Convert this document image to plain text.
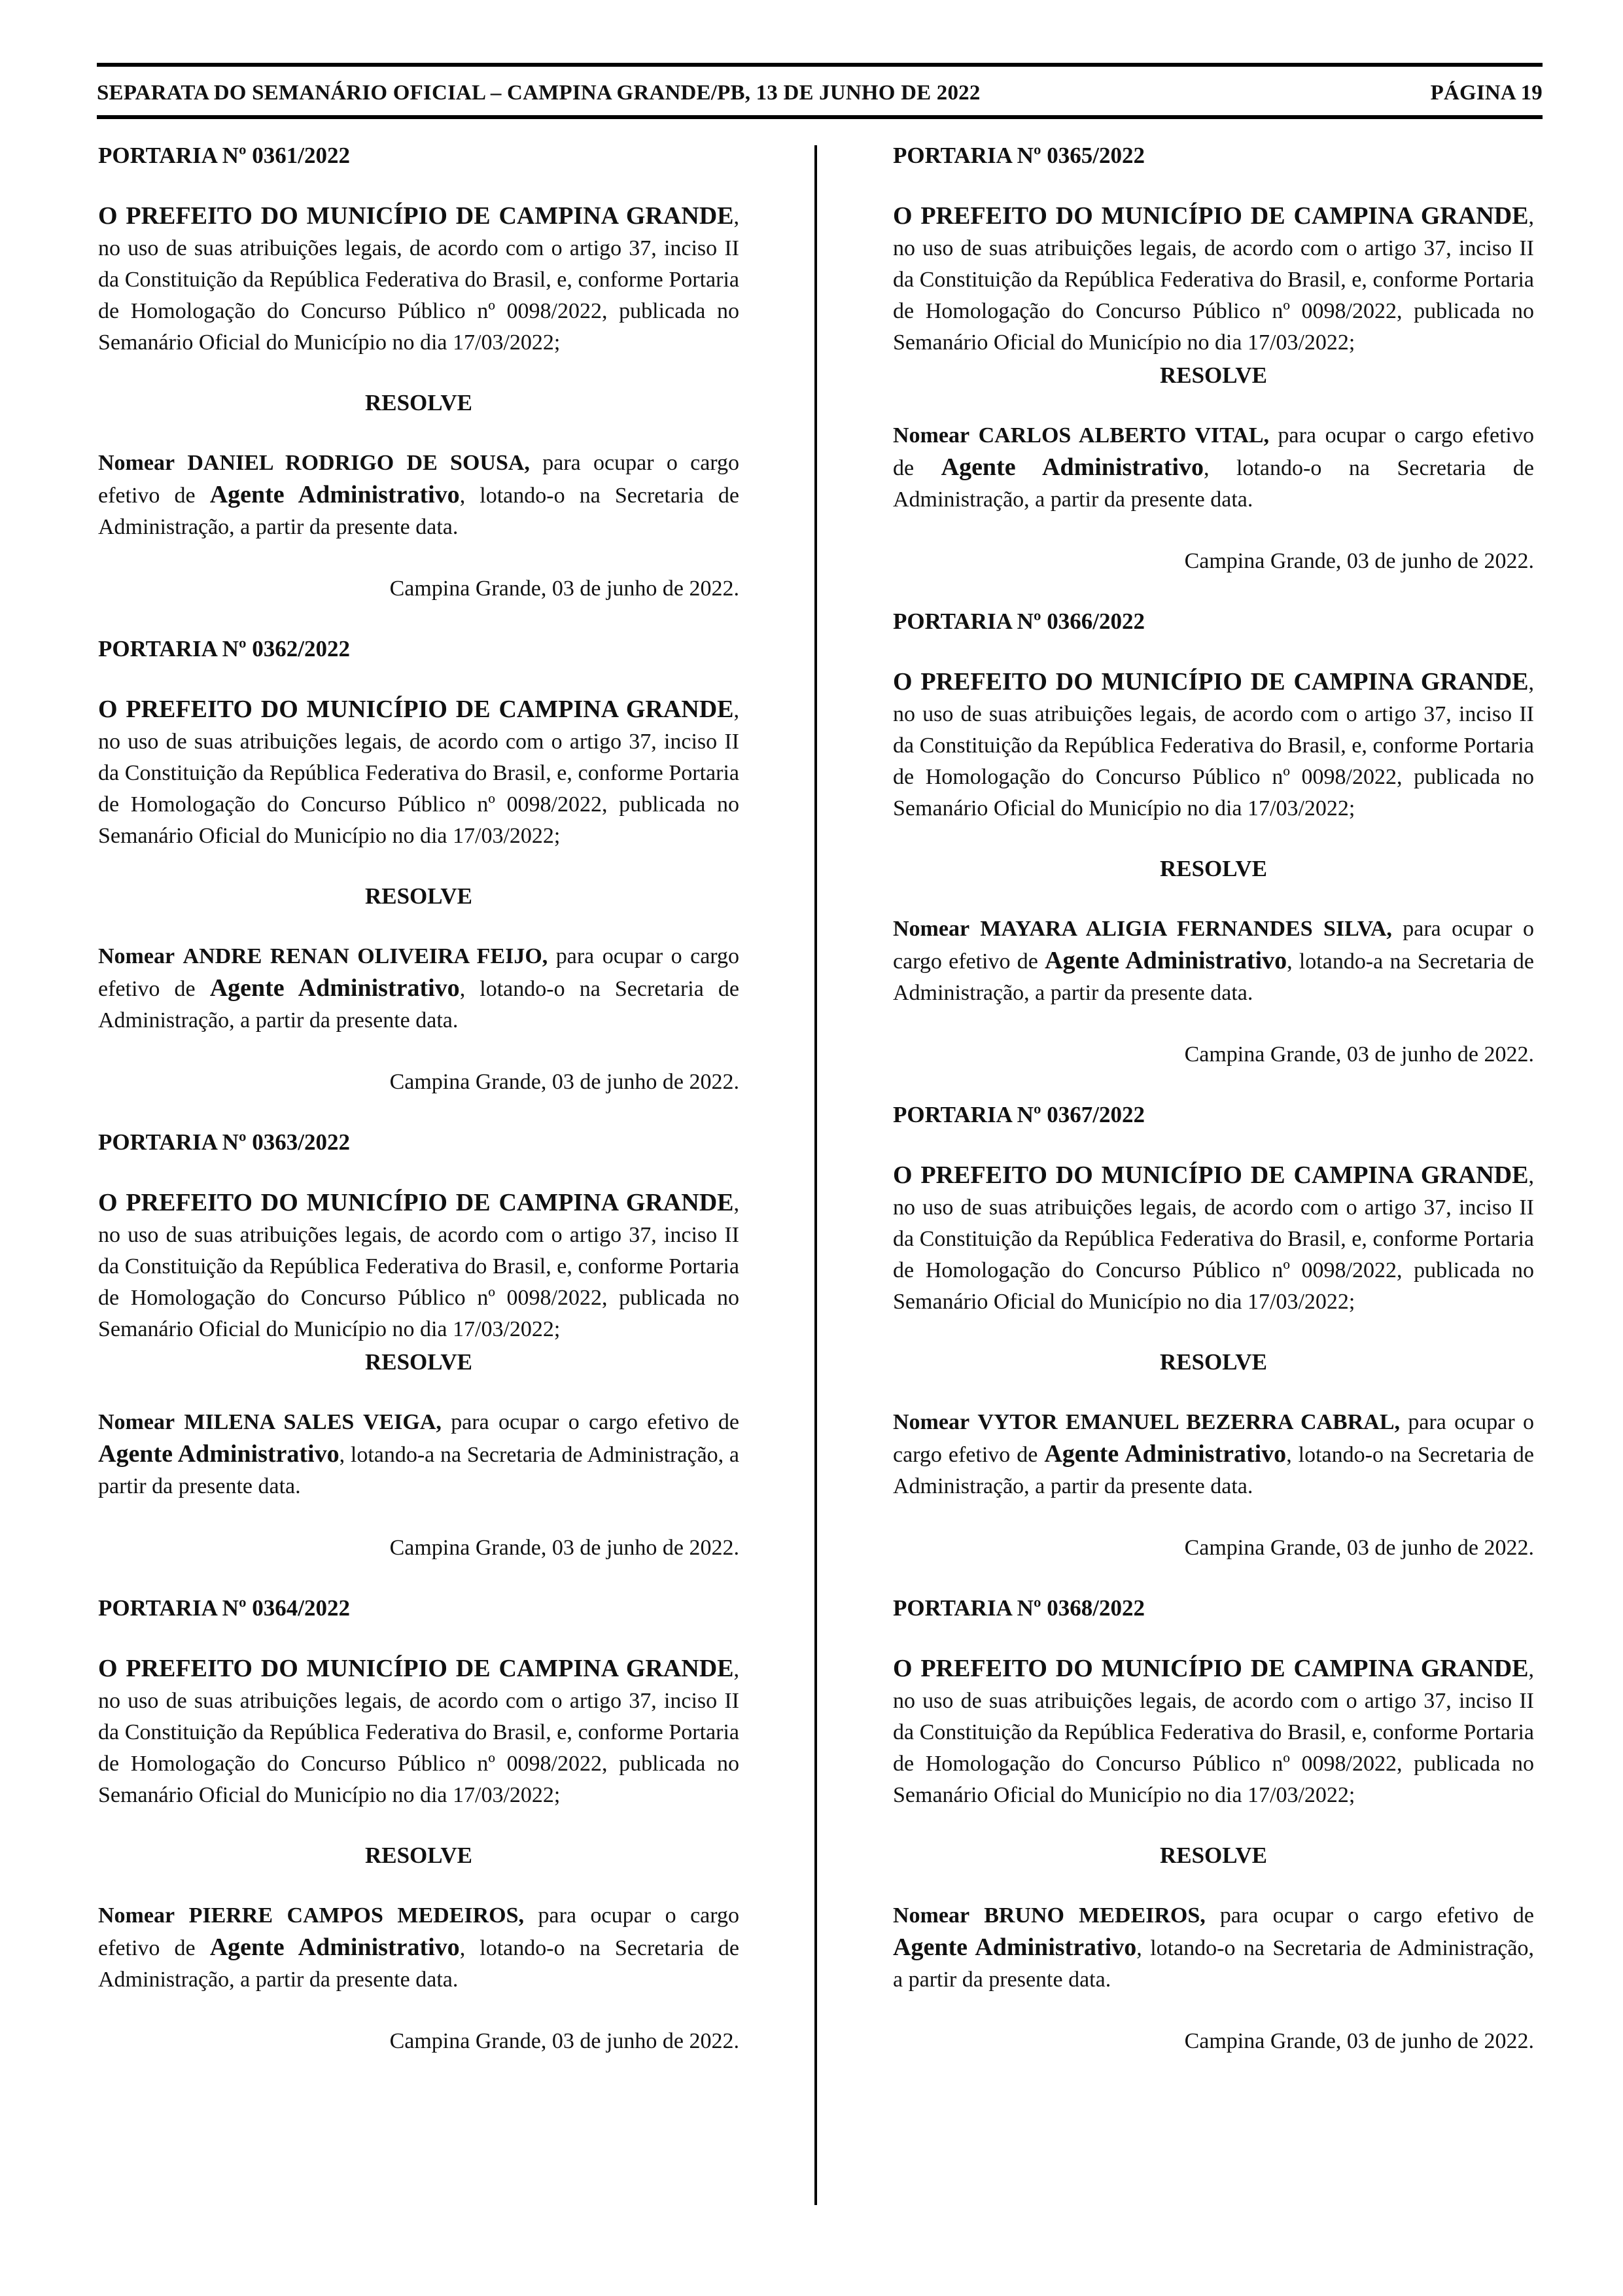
SEPARATA DO SEMANÁRIO OFICIAL – CAMPINA GRANDE/PB, 13 DE JUNHO DE 2022	PÁGINA 19

PORTARIA Nº 0361/2022

O PREFEITO DO MUNICÍPIO DE CAMPINA GRANDE, no uso de suas atribuições legais, de acordo com o artigo 37, inciso II da Constituição da República Federativa do Brasil, e, conforme Portaria de Homologação do Concurso Público nº 0098/2022, publicada no Semanário Oficial do Município no dia 17/03/2022;

RESOLVE

Nomear DANIEL RODRIGO DE SOUSA, para ocupar o cargo efetivo de Agente Administrativo, lotando-o na Secretaria de Administração, a partir da presente data.

Campina Grande, 03 de junho de 2022.

PORTARIA Nº 0362/2022

O PREFEITO DO MUNICÍPIO DE CAMPINA GRANDE, no uso de suas atribuições legais, de acordo com o artigo 37, inciso II da Constituição da República Federativa do Brasil, e, conforme Portaria de Homologação do Concurso Público nº 0098/2022, publicada no Semanário Oficial do Município no dia 17/03/2022;

RESOLVE

Nomear ANDRE RENAN OLIVEIRA FEIJO, para ocupar o cargo efetivo de Agente Administrativo, lotando-o na Secretaria de Administração, a partir da presente data.

Campina Grande, 03 de junho de 2022.

PORTARIA Nº 0363/2022

O PREFEITO DO MUNICÍPIO DE CAMPINA GRANDE, no uso de suas atribuições legais, de acordo com o artigo 37, inciso II da Constituição da República Federativa do Brasil, e, conforme Portaria de Homologação do Concurso Público nº 0098/2022, publicada no Semanário Oficial do Município no dia 17/03/2022;

RESOLVE

Nomear MILENA SALES VEIGA, para ocupar o cargo efetivo de Agente Administrativo, lotando-a na Secretaria de Administração, a partir da presente data.

Campina Grande, 03 de junho de 2022.

PORTARIA Nº 0364/2022

O PREFEITO DO MUNICÍPIO DE CAMPINA GRANDE, no uso de suas atribuições legais, de acordo com o artigo 37, inciso II da Constituição da República Federativa do Brasil, e, conforme Portaria de Homologação do Concurso Público nº 0098/2022, publicada no Semanário Oficial do Município no dia 17/03/2022;

RESOLVE

Nomear PIERRE CAMPOS MEDEIROS, para ocupar o cargo efetivo de Agente Administrativo, lotando-o na Secretaria de Administração, a partir da presente data.

Campina Grande, 03 de junho de 2022.

PORTARIA Nº 0365/2022

O PREFEITO DO MUNICÍPIO DE CAMPINA GRANDE, no uso de suas atribuições legais, de acordo com o artigo 37, inciso II da Constituição da República Federativa do Brasil, e, conforme Portaria de Homologação do Concurso Público nº 0098/2022, publicada no Semanário Oficial do Município no dia 17/03/2022;

RESOLVE

Nomear CARLOS ALBERTO VITAL, para ocupar o cargo efetivo de Agente Administrativo, lotando-o na Secretaria de Administração, a partir da presente data.

Campina Grande, 03 de junho de 2022.

PORTARIA Nº 0366/2022

O PREFEITO DO MUNICÍPIO DE CAMPINA GRANDE, no uso de suas atribuições legais, de acordo com o artigo 37, inciso II da Constituição da República Federativa do Brasil, e, conforme Portaria de Homologação do Concurso Público nº 0098/2022, publicada no Semanário Oficial do Município no dia 17/03/2022;

RESOLVE

Nomear MAYARA ALIGIA FERNANDES SILVA, para ocupar o cargo efetivo de Agente Administrativo, lotando-a na Secretaria de Administração, a partir da presente data.

Campina Grande, 03 de junho de 2022.

PORTARIA Nº 0367/2022

O PREFEITO DO MUNICÍPIO DE CAMPINA GRANDE, no uso de suas atribuições legais, de acordo com o artigo 37, inciso II da Constituição da República Federativa do Brasil, e, conforme Portaria de Homologação do Concurso Público nº 0098/2022, publicada no Semanário Oficial do Município no dia 17/03/2022;

RESOLVE

Nomear VYTOR EMANUEL BEZERRA CABRAL, para ocupar o cargo efetivo de Agente Administrativo, lotando-o na Secretaria de Administração, a partir da presente data.

Campina Grande, 03 de junho de 2022.

PORTARIA Nº 0368/2022

O PREFEITO DO MUNICÍPIO DE CAMPINA GRANDE, no uso de suas atribuições legais, de acordo com o artigo 37, inciso II da Constituição da República Federativa do Brasil, e, conforme Portaria de Homologação do Concurso Público nº 0098/2022, publicada no Semanário Oficial do Município no dia 17/03/2022;

RESOLVE

Nomear BRUNO MEDEIROS, para ocupar o cargo efetivo de Agente Administrativo, lotando-o na Secretaria de Administração, a partir da presente data.

Campina Grande, 03 de junho de 2022.
